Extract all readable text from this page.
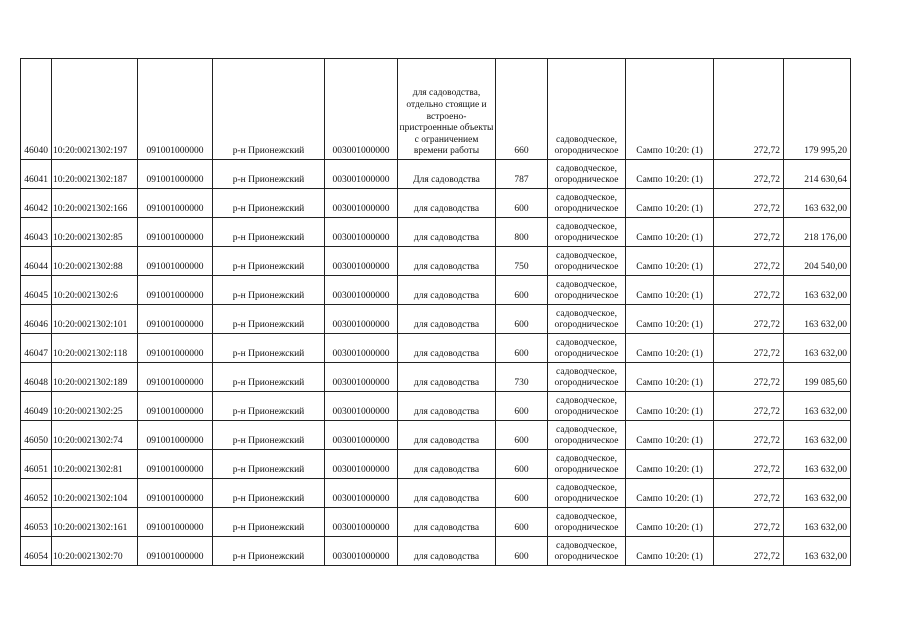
46040	10:20:0021302:197	091001000000	р-н Прионежский	003001000000	для садоводства, отдельно стоящие и встроено-пристроенные объекты с ограничением времени работы	660	садоводческое, огородническое	Сампо 10:20: (1)	272,72	179 995,20
46041	10:20:0021302:187	091001000000	р-н Прионежский	003001000000	Для садоводства	787	садоводческое, огородническое	Сампо 10:20: (1)	272,72	214 630,64
46042	10:20:0021302:166	091001000000	р-н Прионежский	003001000000	для садоводства	600	садоводческое, огородническое	Сампо 10:20: (1)	272,72	163 632,00
46043	10:20:0021302:85	091001000000	р-н Прионежский	003001000000	для садоводства	800	садоводческое, огородническое	Сампо 10:20: (1)	272,72	218 176,00
46044	10:20:0021302:88	091001000000	р-н Прионежский	003001000000	для садоводства	750	садоводческое, огородническое	Сампо 10:20: (1)	272,72	204 540,00
46045	10:20:0021302:6	091001000000	р-н Прионежский	003001000000	для садоводства	600	садоводческое, огородническое	Сампо 10:20: (1)	272,72	163 632,00
46046	10:20:0021302:101	091001000000	р-н Прионежский	003001000000	для садоводства	600	садоводческое, огородническое	Сампо 10:20: (1)	272,72	163 632,00
46047	10:20:0021302:118	091001000000	р-н Прионежский	003001000000	для садоводства	600	садоводческое, огородническое	Сампо 10:20: (1)	272,72	163 632,00
46048	10:20:0021302:189	091001000000	р-н Прионежский	003001000000	для садоводства	730	садоводческое, огородническое	Сампо 10:20: (1)	272,72	199 085,60
46049	10:20:0021302:25	091001000000	р-н Прионежский	003001000000	для садоводства	600	садоводческое, огородническое	Сампо 10:20: (1)	272,72	163 632,00
46050	10:20:0021302:74	091001000000	р-н Прионежский	003001000000	для садоводства	600	садоводческое, огородническое	Сампо 10:20: (1)	272,72	163 632,00
46051	10:20:0021302:81	091001000000	р-н Прионежский	003001000000	для садоводства	600	садоводческое, огородническое	Сампо 10:20: (1)	272,72	163 632,00
46052	10:20:0021302:104	091001000000	р-н Прионежский	003001000000	для садоводства	600	садоводческое, огородническое	Сампо 10:20: (1)	272,72	163 632,00
46053	10:20:0021302:161	091001000000	р-н Прионежский	003001000000	для садоводства	600	садоводческое, огородническое	Сампо 10:20: (1)	272,72	163 632,00
46054	10:20:0021302:70	091001000000	р-н Прионежский	003001000000	для садоводства	600	садоводческое, огородническое	Сампо 10:20: (1)	272,72	163 632,00
